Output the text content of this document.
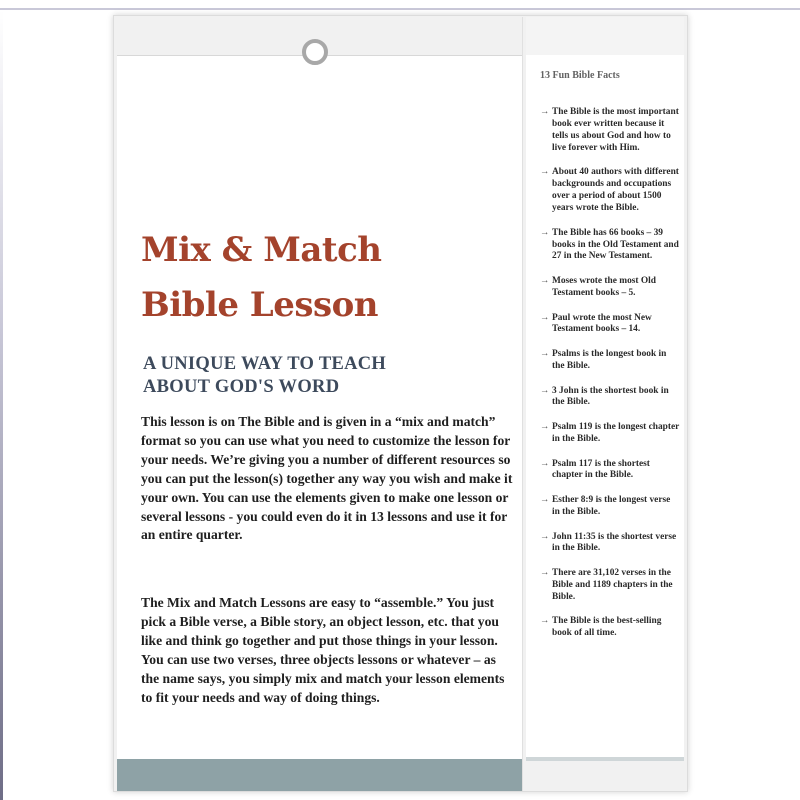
Mix & Match
Bible Lesson
A UNIQUE WAY TO TEACH
ABOUT GOD'S WORD

This lesson is on The Bible and is given in a “mix and match” format so you can use what you need to customize the lesson for your needs. We’re giving you a number of different resources so you can put the lesson(s) together any way you wish and make it your own. You can use the elements given to make one lesson or several lessons - you could even do it in 13 lessons and use it for an entire quarter.

The Mix and Match Lessons are easy to “assemble.” You just pick a Bible verse, a Bible story, an object lesson, etc. that you like and think go together and put those things in your lesson. You can use two verses, three objects lessons or whatever – as the name says, you simply mix and match your lesson elements to fit your needs and way of doing things.

13 Fun Bible Facts

→ The Bible is the most important book ever written because it tells us about God and how to live forever with Him.
→ About 40 authors with different backgrounds and occupations over a period of about 1500 years wrote the Bible.
→ The Bible has 66 books – 39 books in the Old Testament and 27 in the New Testament.
→ Moses wrote the most Old Testament books – 5.
→ Paul wrote the most New Testament books – 14.
→ Psalms is the longest book in the Bible.
→ 3 John is the shortest book in the Bible.
→ Psalm 119 is the longest chapter in the Bible.
→ Psalm 117 is the shortest chapter in the Bible.
→ Esther 8:9 is the longest verse in the Bible.
→ John 11:35 is the shortest verse in the Bible.
→ There are 31,102 verses in the Bible and 1189 chapters in the Bible.
→ The Bible is the best-selling book of all time.
